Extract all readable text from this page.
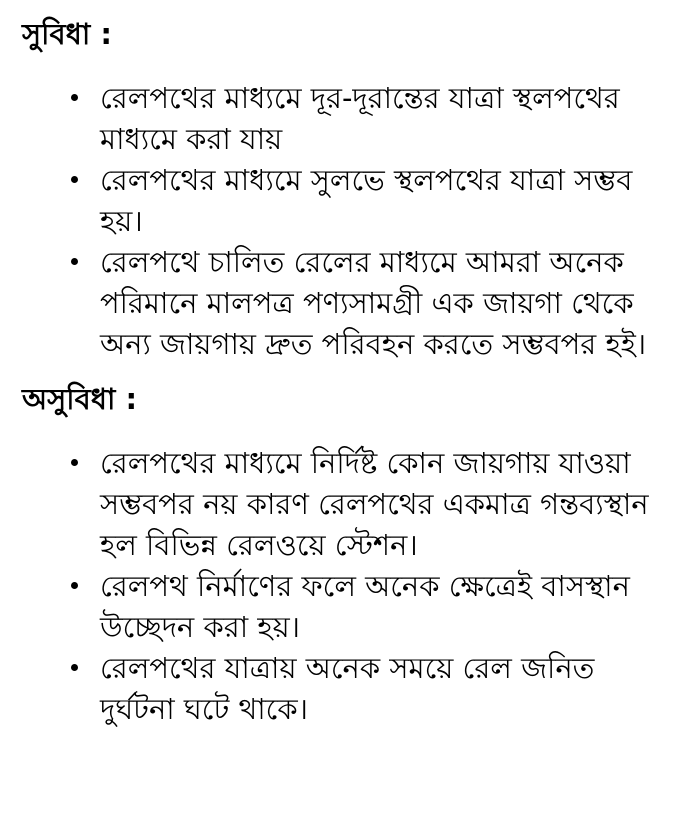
সুবিধা :
রেলপথের মাধ্যমে দূর-দূরান্তের যাত্রা স্থলপথের মাধ্যমে করা যায়
রেলপথের মাধ্যমে সুলভে স্থলপথের যাত্রা সম্ভব হয়।
রেলপথে চালিত রেলের মাধ্যমে আমরা অনেক পরিমানে মালপত্র পণ্যসামগ্রী এক জায়গা থেকে অন্য জায়গায় দ্রুত পরিবহন করতে সম্ভবপর হই।
অসুবিধা :
রেলপথের মাধ্যমে নির্দিষ্ট কোন জায়গায় যাওয়া সম্ভবপর নয় কারণ রেলপথের একমাত্র গন্তব্যস্থান হল বিভিন্ন রেলওয়ে স্টেশন।
রেলপথ নির্মাণের ফলে অনেক ক্ষেত্রেই বাসস্থান উচ্ছেদন করা হয়।
রেলপথের যাত্রায় অনেক সময়ে রেল জনিত দুর্ঘটনা ঘটে থাকে।
